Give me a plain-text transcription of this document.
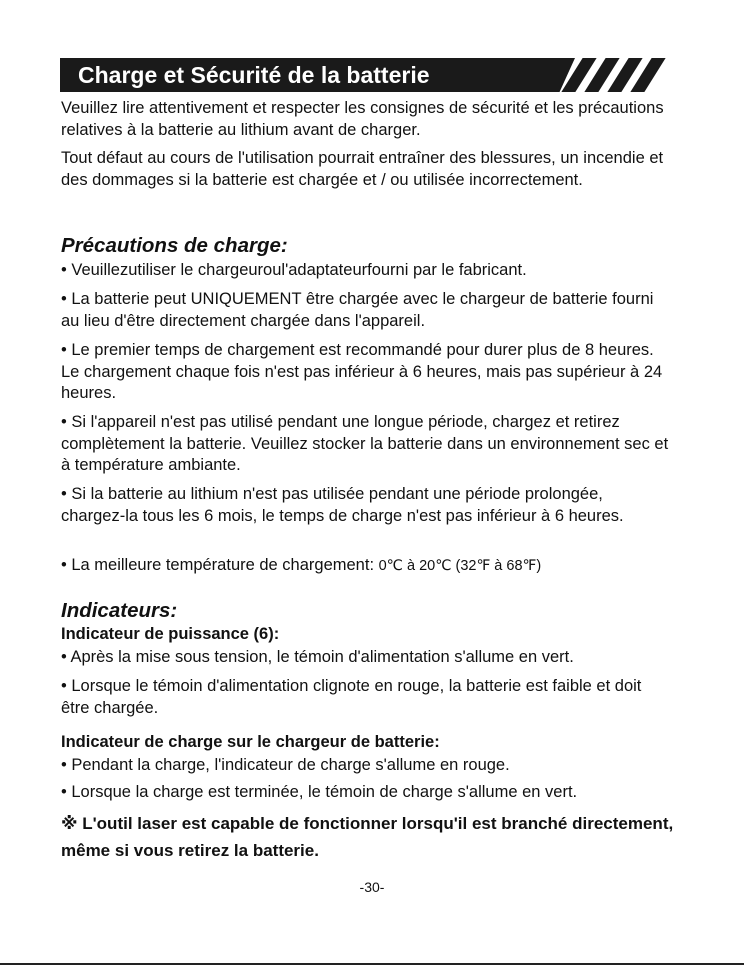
Charge et Sécurité de la batterie

Veuillez lire attentivement et respecter les consignes de sécurité et les précautions relatives à la batterie au lithium avant de charger.

Tout défaut au cours de l'utilisation pourrait entraîner des blessures, un incendie et des dommages si la batterie est chargée et / ou utilisée incorrectement.

Précautions de charge:

• Veuillezutiliser le chargeuroul'adaptateurfourni par le fabricant.

• La batterie peut UNIQUEMENT être chargée avec le chargeur de batterie fourni au lieu d'être directement chargée dans l'appareil.

• Le premier temps de chargement est recommandé pour durer plus de 8 heures. Le chargement chaque fois n'est pas inférieur à 6 heures, mais pas supérieur à 24 heures.

• Si l'appareil n'est pas utilisé pendant une longue période, chargez et retirez complètement la batterie. Veuillez stocker la batterie dans un environnement sec et à température ambiante.

• Si la batterie au lithium n'est pas utilisée pendant une période prolongée, chargez-la tous les 6 mois, le temps de charge n'est pas inférieur à 6 heures.

• La meilleure température de chargement: 0℃ à 20℃ (32℉ à 68℉)

Indicateurs:
Indicateur de puissance (6):

• Après la mise sous tension, le témoin d'alimentation s'allume en vert.

• Lorsque le témoin d'alimentation clignote en rouge, la batterie est faible et doit être chargée.

Indicateur de charge sur le chargeur de batterie:

• Pendant la charge, l'indicateur de charge s'allume en rouge.

• Lorsque la charge est terminée, le témoin de charge s'allume en vert.

※ L'outil laser est capable de fonctionner lorsqu'il est branché directement, même si vous retirez la batterie.
-30-
